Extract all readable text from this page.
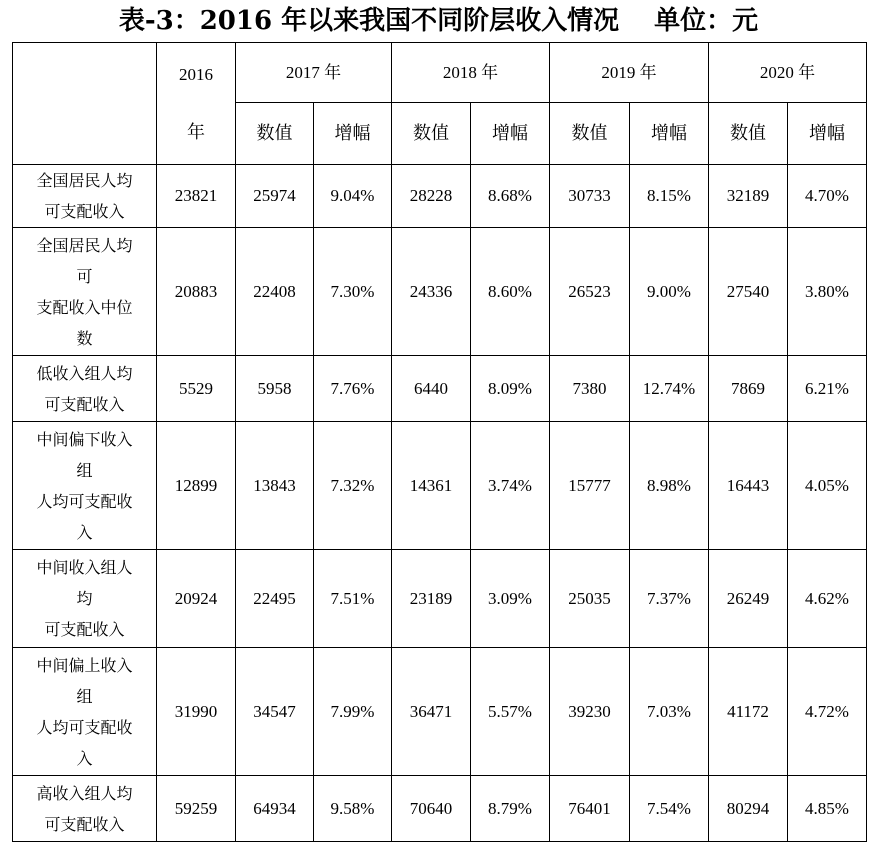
表-3：2016 年以来我国不同阶层收入情况　 单位：元

	2016
年	2017 年		2018 年		2019 年		2020 年	
		数值	增幅	数值	增幅	数值	增幅	数值	增幅
全国居民人均
可支配收入	23821	25974	9.04%	28228	8.68%	30733	8.15%	32189	4.70%
全国居民人均
可
支配收入中位
数	20883	22408	7.30%	24336	8.60%	26523	9.00%	27540	3.80%
低收入组人均
可支配收入	5529	5958	7.76%	6440	8.09%	7380	12.74%	7869	6.21%
中间偏下收入
组
人均可支配收
入	12899	13843	7.32%	14361	3.74%	15777	8.98%	16443	4.05%
中间收入组人
均
可支配收入	20924	22495	7.51%	23189	3.09%	25035	7.37%	26249	4.62%
中间偏上收入
组
人均可支配收
入	31990	34547	7.99%	36471	5.57%	39230	7.03%	41172	4.72%
高收入组人均
可支配收入	59259	64934	9.58%	70640	8.79%	76401	7.54%	80294	4.85%
